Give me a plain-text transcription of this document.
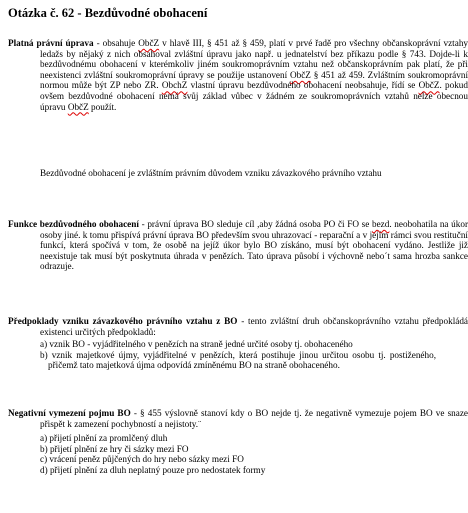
Otázka č. 62 - Bezdůvodné obohacení

Platná právní úprava - obsahuje ObčZ v hlavě III, § 451 až § 459, platí v prvé řadě pro všechny občanskoprávní vztahy ledažs by nějaký z nich obsahoval zvláštní úpravu jako např. u jednatelství bez příkazu podle § 743. Dojde-li k bezdůvodnému obohacení v kterémkoliv jiném soukromoprávním vztahu než občanskoprávním pak platí, že při neexistenci zvláštní soukromoprávní úpravy se použije ustanovení ObčZ § 451 až 459. Zvláštním soukromoprávní normou může být ZP nebo ZR. ObchZ vlastní úpravu bezdůvodného obohacení neobsahuje, řídí se ObčZ. pokud ovšem bezdůvodné obohacení nemá svůj základ vůbec v žádném ze soukromoprávních vztahů nelze obecnou úpravu ObčZ použít.

Bezdůvodné obohacení je zvláštním právním důvodem vzniku závazkového právního vztahu

Funkce bezdůvodného obohacení - právní úprava BO sleduje cíl ,aby žádná osoba PO či FO se bezd. neobohatila na úkor osoby jiné. k tomu přispívá právní úprava BO především svou uhrazovací - reparační a v jejím rámci svou restituční funkcí, která spočívá v tom, že osobě na jejíž úkor bylo BO získáno, musí být obohacení vydáno. Jestliže již neexistuje tak musí být poskytnuta úhrada v penězích. Tato úprava působí i výchovně nebo´t sama hrozba sankce odrazuje.

Předpoklady vzniku závazkového právního vztahu z BO - tento zvláštní druh občanskoprávního vztahu předpokládá existenci určitých předpokladů:

a) vznik BO - vyjádřitelného v penězích na straně jedné určité osoby tj. obohaceného
b) vznik majetkové újmy, vyjádřitelné v penězích, která postihuje jinou určitou osobu tj. postiženého, přičemž tato majetková újma odpovídá zmíněnému BO na straně obohaceného.

Negativní vymezení pojmu BO - § 455 výslovně stanoví kdy o BO nejde tj. že negativně vymezuje pojem BO ve snaze přispět k zamezení pochybností a nejistoty.¨

a) přijetí plnění za promlčený dluh
b) přijetí plnění ze hry či sázky mezi FO
c) vrácení peněz půjčených do hry nebo sázky mezi FO
d) přijetí plnění za dluh neplatný pouze pro nedostatek formy
